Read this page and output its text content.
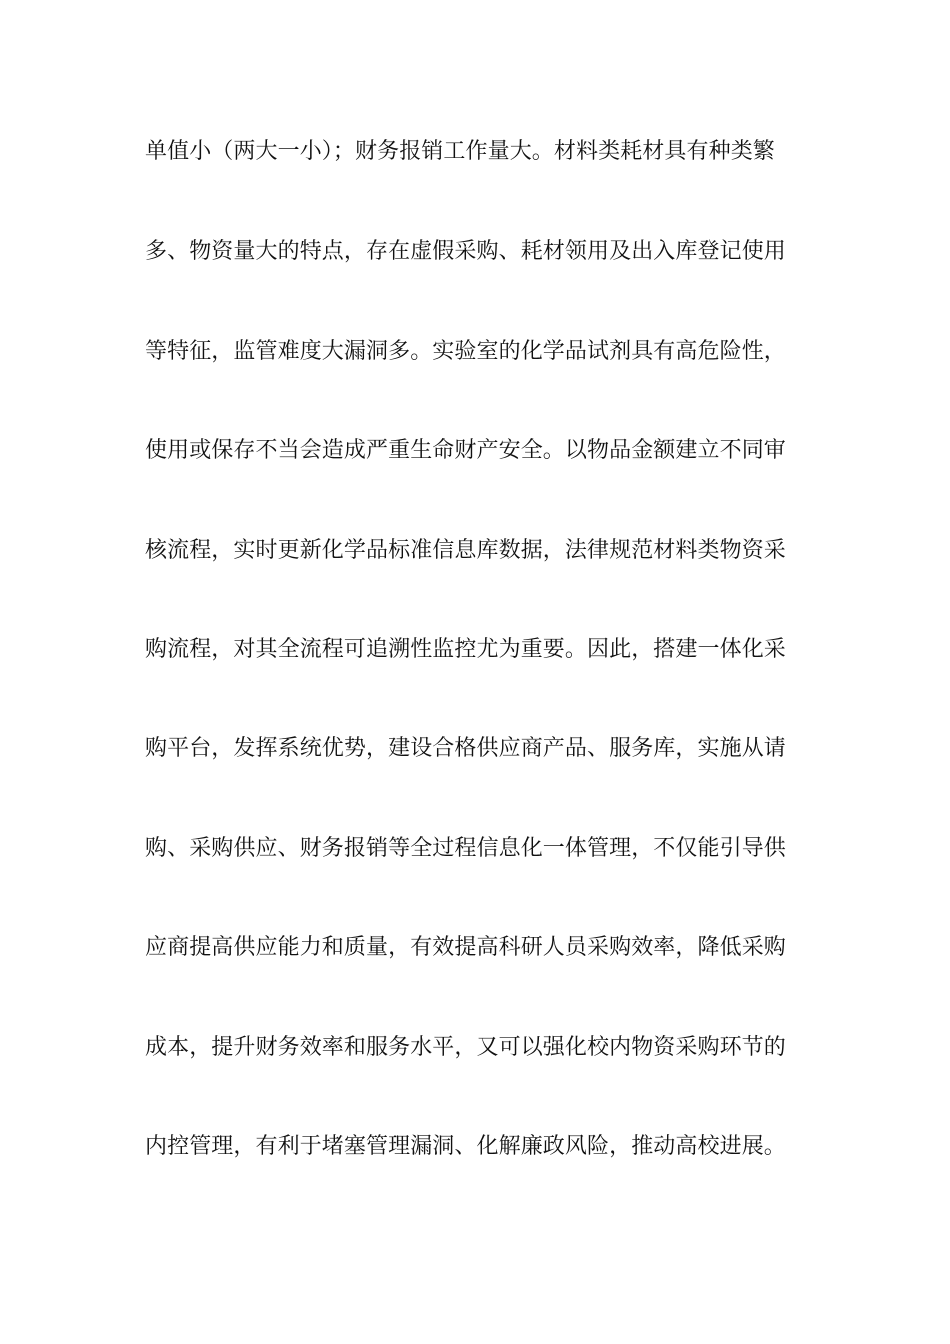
单值小（两大一小）；财务报销工作量大。材料类耗材具有种类繁

多、物资量大的特点，存在虚假采购、耗材领用及出入库登记使用

等特征，监管难度大漏洞多。实验室的化学品试剂具有高危险性，

使用或保存不当会造成严重生命财产安全。以物品金额建立不同审

核流程，实时更新化学品标准信息库数据，法律规范材料类物资采

购流程，对其全流程可追溯性监控尤为重要。因此，搭建一体化采

购平台，发挥系统优势，建设合格供应商产品、服务库，实施从请

购、采购供应、财务报销等全过程信息化一体管理，不仅能引导供

应商提高供应能力和质量，有效提高科研人员采购效率，降低采购

成本，提升财务效率和服务水平，又可以强化校内物资采购环节的

内控管理，有利于堵塞管理漏洞、化解廉政风险，推动高校进展。
